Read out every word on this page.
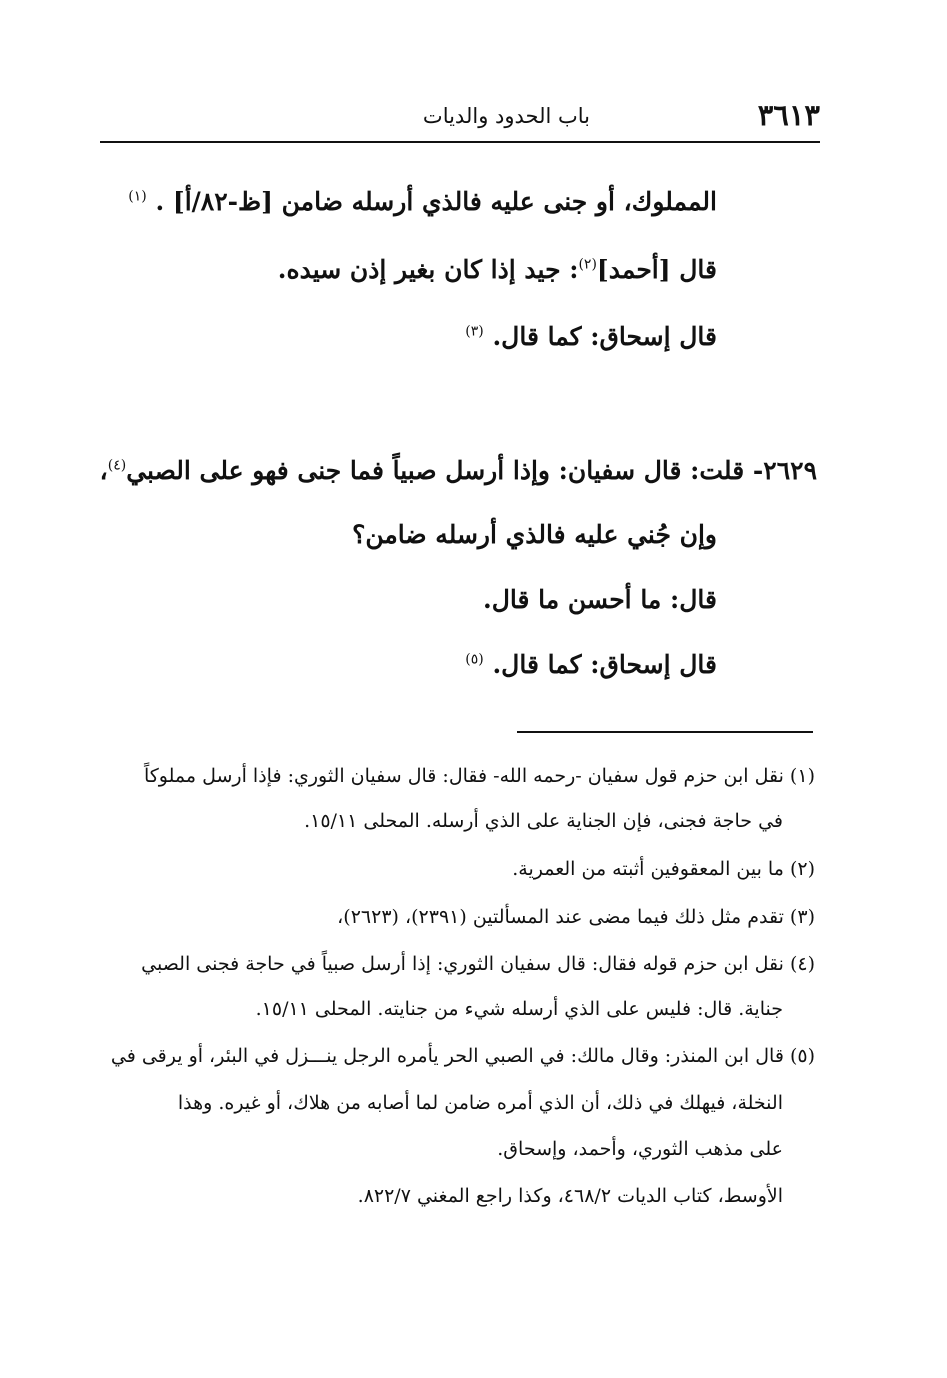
٣٦١٣
باب الحدود والديات
المملوك، أو جنى عليه فالذي أرسله ضامن [ظ-٨٢/أ] . $^{(١)}$
قال [أحمد]$^{(٢)}$: جيد إذا كان بغير إذن سيده.
قال إسحاق: كما قال. $^{(٣)}$
٢٦٢٩- قلت: قال سفيان: وإذا أرسل صبياً فما جنى فهو على الصبي$^{(٤)}$،
وإن جُني عليه فالذي أرسله ضامن؟
قال: ما أحسن ما قال.
قال إسحاق: كما قال. $^{(٥)}$
(١) نقل ابن حزم قول سفيان -رحمه الله- فقال: قال سفيان الثوري: فإذا أرسل مملوكاً
في حاجة فجنى، فإن الجناية على الذي أرسله. المحلى ١٥/١١.
(٢) ما بين المعقوفين أثبته من العمرية.
(٣) تقدم مثل ذلك فيما مضى عند المسألتين (٢٣٩١)، (٢٦٢٣)،
(٤) نقل ابن حزم قوله فقال: قال سفيان الثوري: إذا أرسل صبياً في حاجة فجنى الصبي
جناية. قال: فليس على الذي أرسله شيء من جنايته. المحلى ١٥/١١.
(٥) قال ابن المنذر: وقال مالك: في الصبي الحر يأمره الرجل ينـــزل في البئر، أو يرقى في
النخلة، فيهلك في ذلك، أن الذي أمره ضامن لما أصابه من هلاك، أو غيره. وهذا
على مذهب الثوري، وأحمد، وإسحاق.
الأوسط، كتاب الديات ٤٦٨/٢، وكذا راجع المغني ٨٢٢/٧.
